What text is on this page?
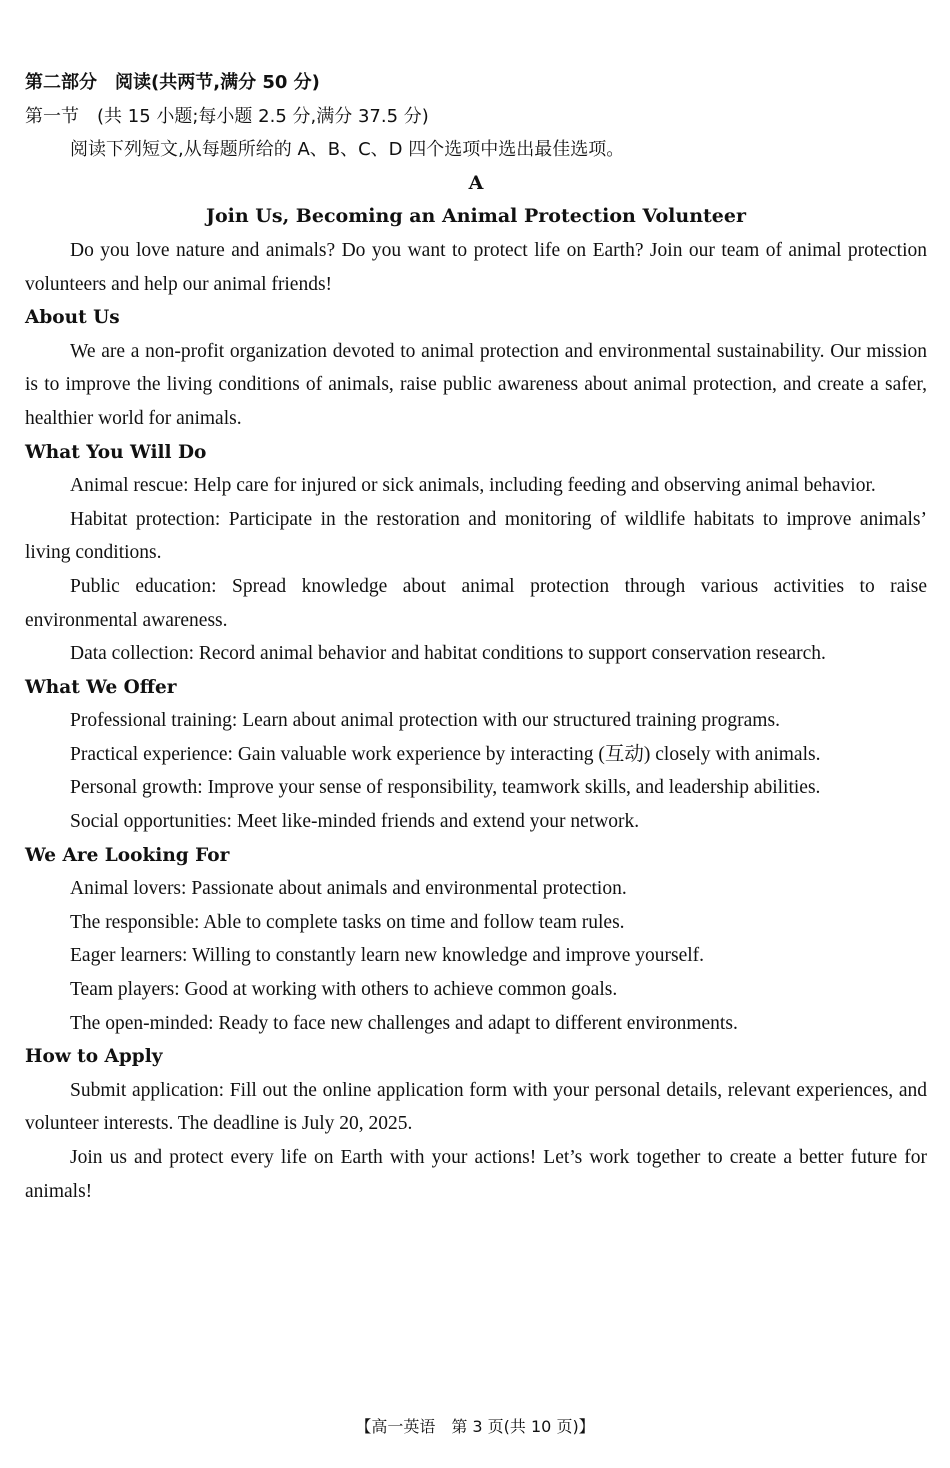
第二部分　阅读(共两节,满分 50 分)
第一节　(共 15 小题;每小题 2.5 分,满分 37.5 分)
阅读下列短文,从每题所给的 A、B、C、D 四个选项中选出最佳选项。
A
Join Us, Becoming an Animal Protection Volunteer

Do you love nature and animals? Do you want to protect life on Earth? Join our team of animal protection volunteers and help our animal friends!

About Us

We are a non-profit organization devoted to animal protection and environmental sustainability. Our mission is to improve the living conditions of animals, raise public awareness about animal protection, and create a safer, healthier world for animals.

What You Will Do

Animal rescue: Help care for injured or sick animals, including feeding and observing animal behavior.

Habitat protection: Participate in the restoration and monitoring of wildlife habitats to improve animals’ living conditions.

Public education: Spread knowledge about animal protection through various activities to raise environmental awareness.

Data collection: Record animal behavior and habitat conditions to support conservation research.

What We Offer

Professional training: Learn about animal protection with our structured training programs.

Practical experience: Gain valuable work experience by interacting (互动) closely with animals.

Personal growth: Improve your sense of responsibility, teamwork skills, and leadership abilities.

Social opportunities: Meet like-minded friends and extend your network.

We Are Looking For

Animal lovers: Passionate about animals and environmental protection.

The responsible: Able to complete tasks on time and follow team rules.

Eager learners: Willing to constantly learn new knowledge and improve yourself.

Team players: Good at working with others to achieve common goals.

The open-minded: Ready to face new challenges and adapt to different environments.

How to Apply

Submit application: Fill out the online application form with your personal details, relevant experiences, and volunteer interests. The deadline is July 20, 2025.

Join us and protect every life on Earth with your actions! Let’s work together to create a better future for animals!

【高一英语　第 3 页(共 10 页)】
